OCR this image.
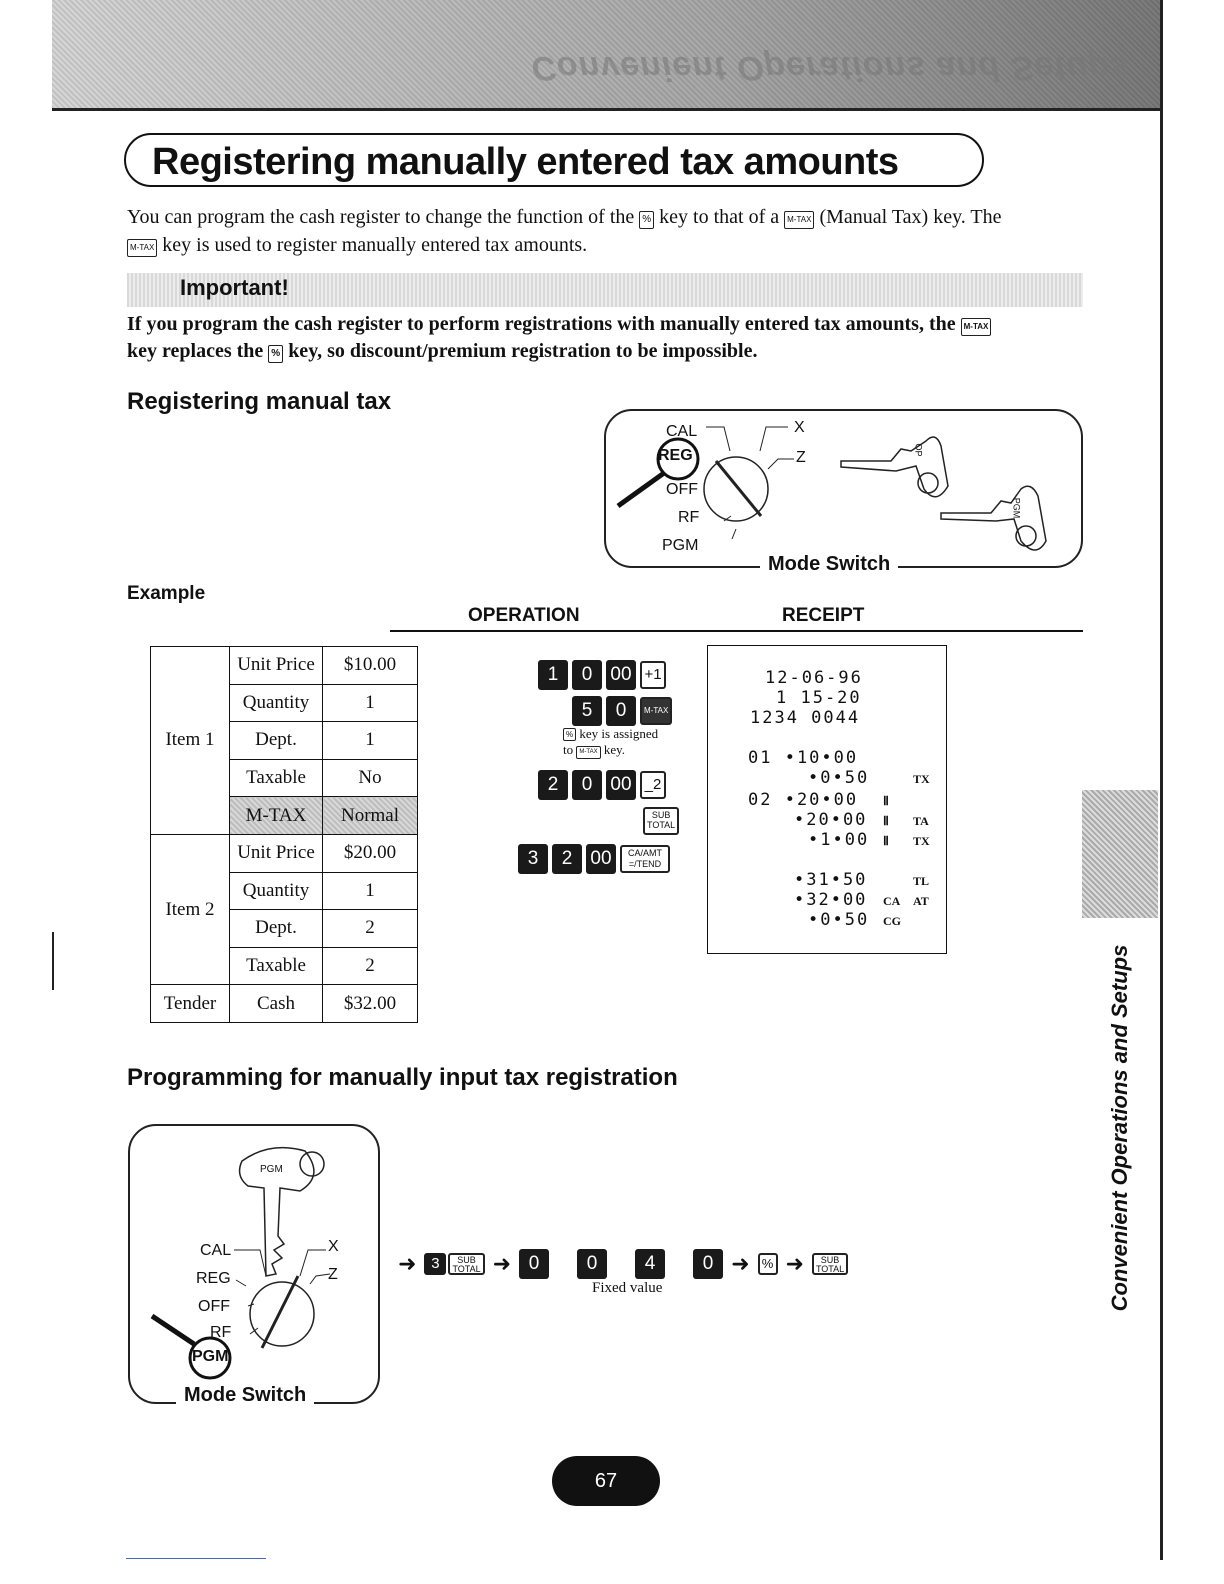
Convenient Operations and Setups
Registering manually entered tax amounts
You can program the cash register to change the function of the % key to that of a M-TAX (Manual Tax) key. The
M-TAX key is used to register manually entered tax amounts.
Important!
If you program the cash register to perform registrations with manually entered tax amounts, the M-TAX
key replaces the % key, so discount/premium registration to be impossible.
Registering manual tax
CAL
REG
OFF
RF
PGM
X
Z	OP
PGM
Mode Switch
Example
OPERATION	RECEIPT
Item 1	Unit Price	$10.00
	Quantity	1
	Dept.	1
	Taxable	No
	M-TAX	Normal
Item 2	Unit Price	$20.00
	Quantity	1
	Dept.	2
	Taxable	2
Tender	Cash	$32.00
1	0 00 +1
5	0	M-TAX
% key is assigned
to M-TAX key.
2	0 00 _2
SUB
TOTAL
3	2 00	CA/AMT
=/TEND
12-06-96
1 15-20
1234 0044
01 •10•00
•0•50
02 •20•00
•20•00
•1•00
•31•50
•32•00
•0•50
TX
Ⅱ
Ⅱ TA
Ⅱ TX
TL
CA AT
CG
Convenient Operations and Setups
Programming for manually input tax registration
PGM
CAL
REG
OFF
RF
PGM
X
Z
Mode Switch
➜ 3	SUB
TOTAL ➜ 0	0	4	0 ➜ % ➜	SUB
TOTAL
Fixed value
67
